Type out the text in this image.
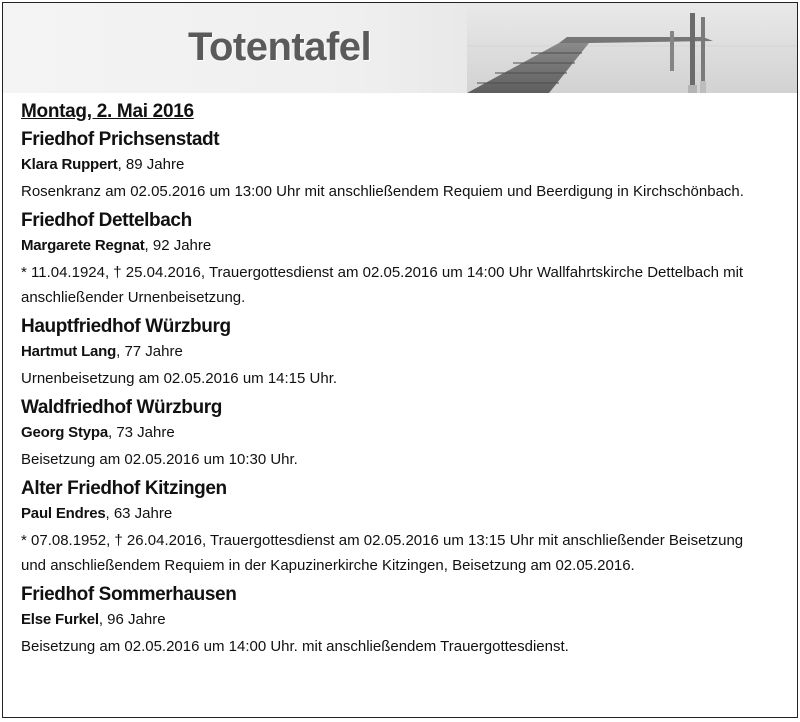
Totentafel
Montag, 2. Mai 2016
Friedhof Prichsenstadt

Klara Ruppert, 89 Jahre

Rosenkranz am 02.05.2016 um 13:00 Uhr mit anschließendem Requiem und Beerdigung in Kirchschönbach.
Friedhof Dettelbach

Margarete Regnat, 92 Jahre

* 11.04.1924, † 25.04.2016, Trauergottesdienst am 02.05.2016 um 14:00 Uhr Wallfahrtskirche Dettelbach mit anschließender Urnenbeisetzung.
Hauptfriedhof Würzburg

Hartmut Lang, 77 Jahre

Urnenbeisetzung am 02.05.2016 um 14:15 Uhr.
Waldfriedhof Würzburg

Georg Stypa, 73 Jahre

Beisetzung am 02.05.2016 um 10:30 Uhr.
Alter Friedhof Kitzingen

Paul Endres, 63 Jahre

* 07.08.1952, † 26.04.2016, Trauergottesdienst am 02.05.2016 um 13:15 Uhr mit anschließender Beisetzung und anschließendem Requiem in der Kapuzinerkirche Kitzingen, Beisetzung am 02.05.2016.
Friedhof Sommerhausen

Else Furkel, 96 Jahre

Beisetzung am 02.05.2016 um 14:00 Uhr. mit anschließendem Trauergottesdienst.
